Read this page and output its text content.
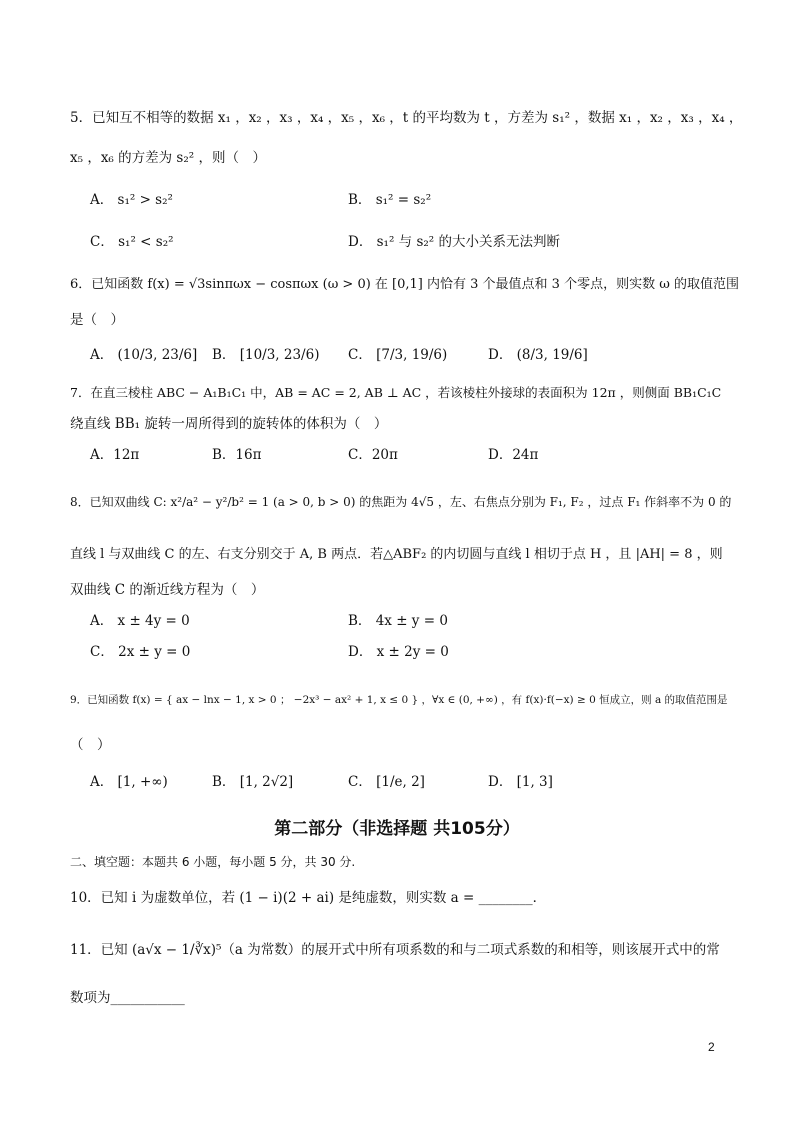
5．已知互不相等的数据 x₁ ，x₂ ，x₃ ，x₄ ，x₅ ，x₆ ，t 的平均数为 t ，方差为 s₁² ，数据 x₁ ，x₂ ，x₃ ，x₄ ，
x₅ ，x₆ 的方差为 s₂² ，则（　）
A． s₁² > s₂²	B． s₁² = s₂²
C． s₁² < s₂²	D． s₁² 与 s₂² 的大小关系无法判断
6．已知函数 f(x) = √3sinπωx − cosπωx (ω > 0) 在 [0,1] 内恰有 3 个最值点和 3 个零点，则实数 ω 的取值范围
是（　）
A． (10/3, 23/6] B． [10/3, 23/6) C． [7/3, 19/6)	D． (8/3, 19/6]
7．在直三棱柱 ABC − A₁B₁C₁ 中，AB = AC = 2, AB ⊥ AC ，若该棱柱外接球的表面积为 12π ，则侧面 BB₁C₁C
绕直线 BB₁ 旋转一周所得到的旋转体的体积为（　）
A．12π	B．16π	C．20π	D．24π
8．已知双曲线 C: x²/a² − y²/b² = 1 (a > 0, b > 0) 的焦距为 4√5 ，左、右焦点分别为 F₁, F₂ ，过点 F₁ 作斜率不为 0 的
直线 l 与双曲线 C 的左、右支分别交于 A, B 两点．若△ABF₂ 的内切圆与直线 l 相切于点 H ，且 |AH| = 8 ，则
双曲线 C 的渐近线方程为（　）
A． x ± 4y = 0	B． 4x ± y = 0
C． 2x ± y = 0	D． x ± 2y = 0
9．已知函数 f(x) = { ax − lnx − 1, x > 0 ； −2x³ − ax² + 1, x ≤ 0 } ，∀x ∈ (0, +∞) ，有 f(x)·f(−x) ≥ 0 恒成立，则 a 的取值范围是
（　）
A． [1, +∞)	B． [1, 2√2]	C． [1/e, 2]	D． [1, 3]
第二部分（非选择题 共105分）
二、填空题：本题共 6 小题，每小题 5 分，共 30 分.
10．已知 i 为虚数单位，若 (1 − i)(2 + ai) 是纯虚数，则实数 a = ________．
11．已知 (a√x − 1/∛x)⁵（a 为常数）的展开式中所有项系数的和与二项式系数的和相等，则该展开式中的常
数项为___________
2
